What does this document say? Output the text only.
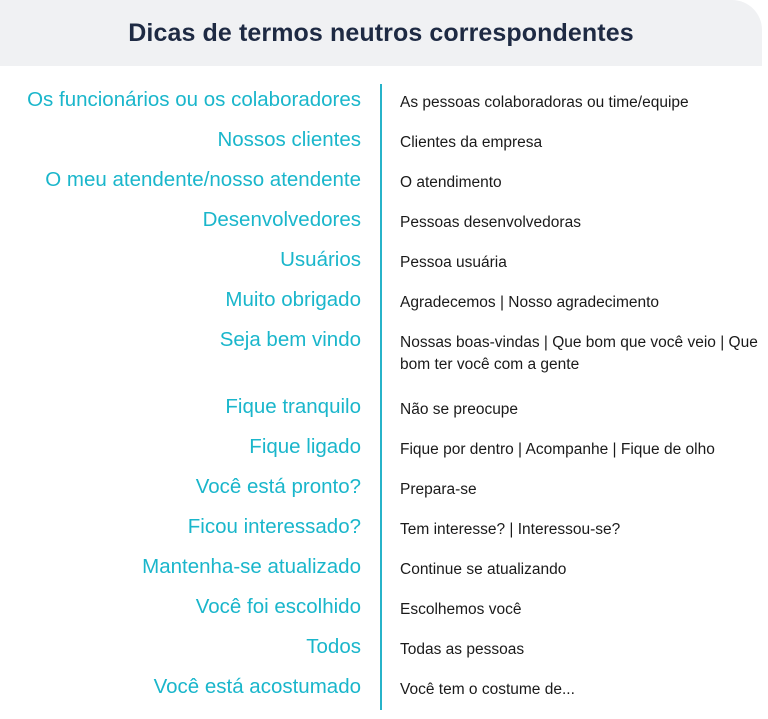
Dicas de termos neutros correspondentes
Os funcionários ou os colaboradores	As pessoas colaboradoras ou time/equipe
Nossos clientes	Clientes da empresa
O meu atendente/nosso atendente	O atendimento
Desenvolvedores	Pessoas desenvolvedoras
Usuários	Pessoa usuária
Muito obrigado	Agradecemos | Nosso agradecimento
Seja bem vindo	Nossas boas-vindas | Que bom que você veio | Que bom ter você com a gente
Fique tranquilo	Não se preocupe
Fique ligado	Fique por dentro | Acompanhe | Fique de olho
Você está pronto?	Prepara-se
Ficou interessado?	Tem interesse? | Interessou-se?
Mantenha-se atualizado	Continue se atualizando
Você foi escolhido	Escolhemos você
Todos	Todas as pessoas
Você está acostumado	Você tem o costume de...
